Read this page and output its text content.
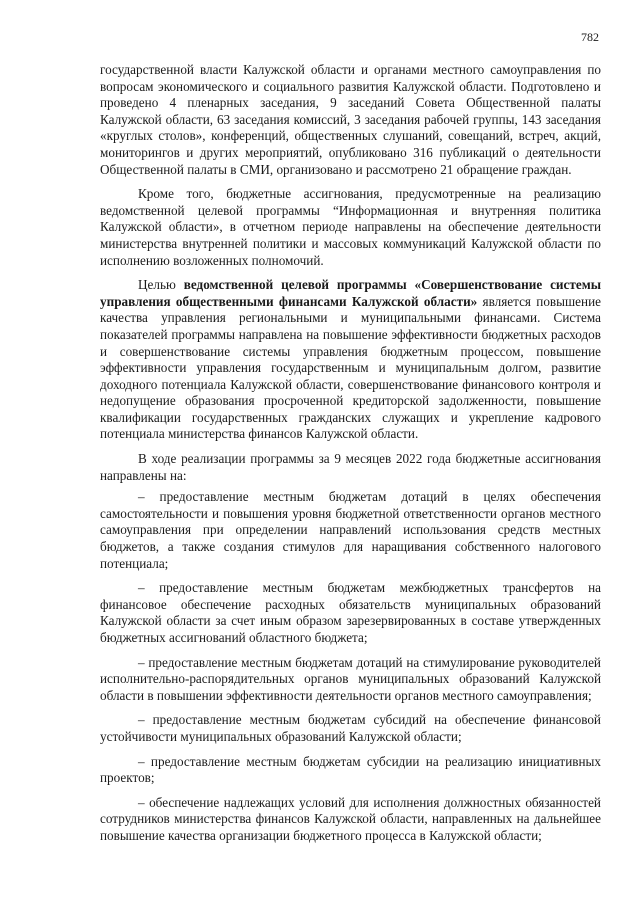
782

государственной власти Калужской области и органами местного самоуправления по вопросам экономического и социального развития Калужской области. Подготовлено и проведено 4 пленарных заседания, 9 заседаний Совета Общественной палаты Калужской области, 63 заседания комиссий, 3 заседания рабочей группы, 143 заседания «круглых столов», конференций, общественных слушаний, совещаний, встреч, акций, мониторингов и других мероприятий, опубликовано 316 публикаций о деятельности Общественной палаты в СМИ, организовано и рассмотрено 21 обращение граждан.

Кроме того, бюджетные ассигнования, предусмотренные на реализацию ведомственной целевой программы “Информационная и внутренняя политика Калужской области», в отчетном периоде направлены на обеспечение деятельности министерства внутренней политики и массовых коммуникаций Калужской области по исполнению возложенных полномочий.

Целью ведомственной целевой программы «Совершенствование системы управления общественными финансами Калужской области» является повышение качества управления региональными и муниципальными финансами. Система показателей программы направлена на повышение эффективности бюджетных расходов и совершенствование системы управления бюджетным процессом, повышение эффективности управления государственным и муниципальным долгом, развитие доходного потенциала Калужской области, совершенствование финансового контроля и недопущение образования просроченной кредиторской задолженности, повышение квалификации государственных гражданских служащих и укрепление кадрового потенциала министерства финансов Калужской области.

В ходе реализации программы за 9 месяцев 2022 года бюджетные ассигнования направлены на:

– предоставление местным бюджетам дотаций в целях обеспечения самостоятельности и повышения уровня бюджетной ответственности органов местного самоуправления при определении направлений использования средств местных бюджетов, а также создания стимулов для наращивания собственного налогового потенциала;

– предоставление местным бюджетам межбюджетных трансфертов на финансовое обеспечение расходных обязательств муниципальных образований Калужской области за счет иным образом зарезервированных в составе утвержденных бюджетных ассигнований областного бюджета;

– предоставление местным бюджетам дотаций на стимулирование руководителей исполнительно-распорядительных органов муниципальных образований Калужской области в повышении эффективности деятельности органов местного самоуправления;

– предоставление местным бюджетам субсидий на обеспечение финансовой устойчивости муниципальных образований Калужской области;

– предоставление местным бюджетам субсидии на реализацию инициативных проектов;

– обеспечение надлежащих условий для исполнения должностных обязанностей сотрудников министерства финансов Калужской области, направленных на дальнейшее повышение качества организации бюджетного процесса в Калужской области;
